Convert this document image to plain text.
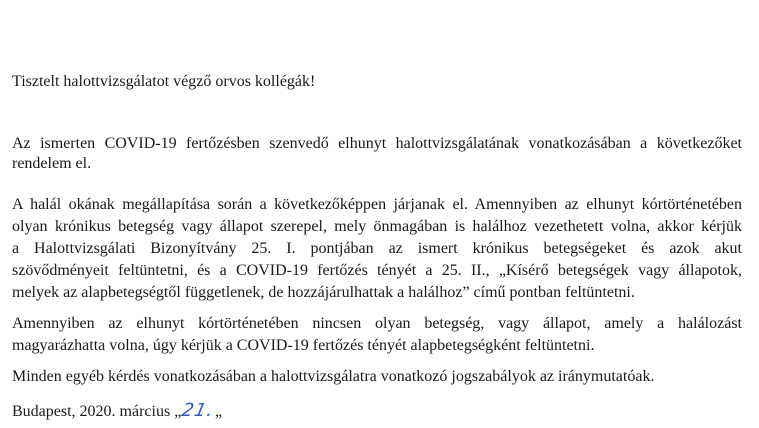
Tisztelt halottvizsgálatot végző orvos kollégák!
Az ismerten COVID-19 fertőzésben szenvedő elhunyt halottvizsgálatának vonatkozásában a következőket
rendelem el.
A halál okának megállapítása során a következőképpen járjanak el. Amennyiben az elhunyt kórtörténetében
olyan krónikus betegség vagy állapot szerepel, mely önmagában is halálhoz vezethetett volna, akkor kérjük
a Halottvizsgálati Bizonyítvány 25. I. pontjában az ismert krónikus betegségeket és azok akut
szövődményeit feltüntetni, és a COVID-19 fertőzés tényét a 25. II., „Kísérő betegségek vagy állapotok,
melyek az alapbetegségtől függetlenek, de hozzájárulhattak a halálhoz” című pontban feltüntetni.
Amennyiben az elhunyt kórtörténetében nincsen olyan betegség, vagy állapot, amely a halálozást
magyarázhatta volna, úgy kérjük a COVID-19 fertőzés tényét alapbetegségként feltüntetni.
Minden egyéb kérdés vonatkozásában a halottvizsgálatra vonatkozó jogszabályok az iránymutatóak.
Budapest, 2020. március „21.„
